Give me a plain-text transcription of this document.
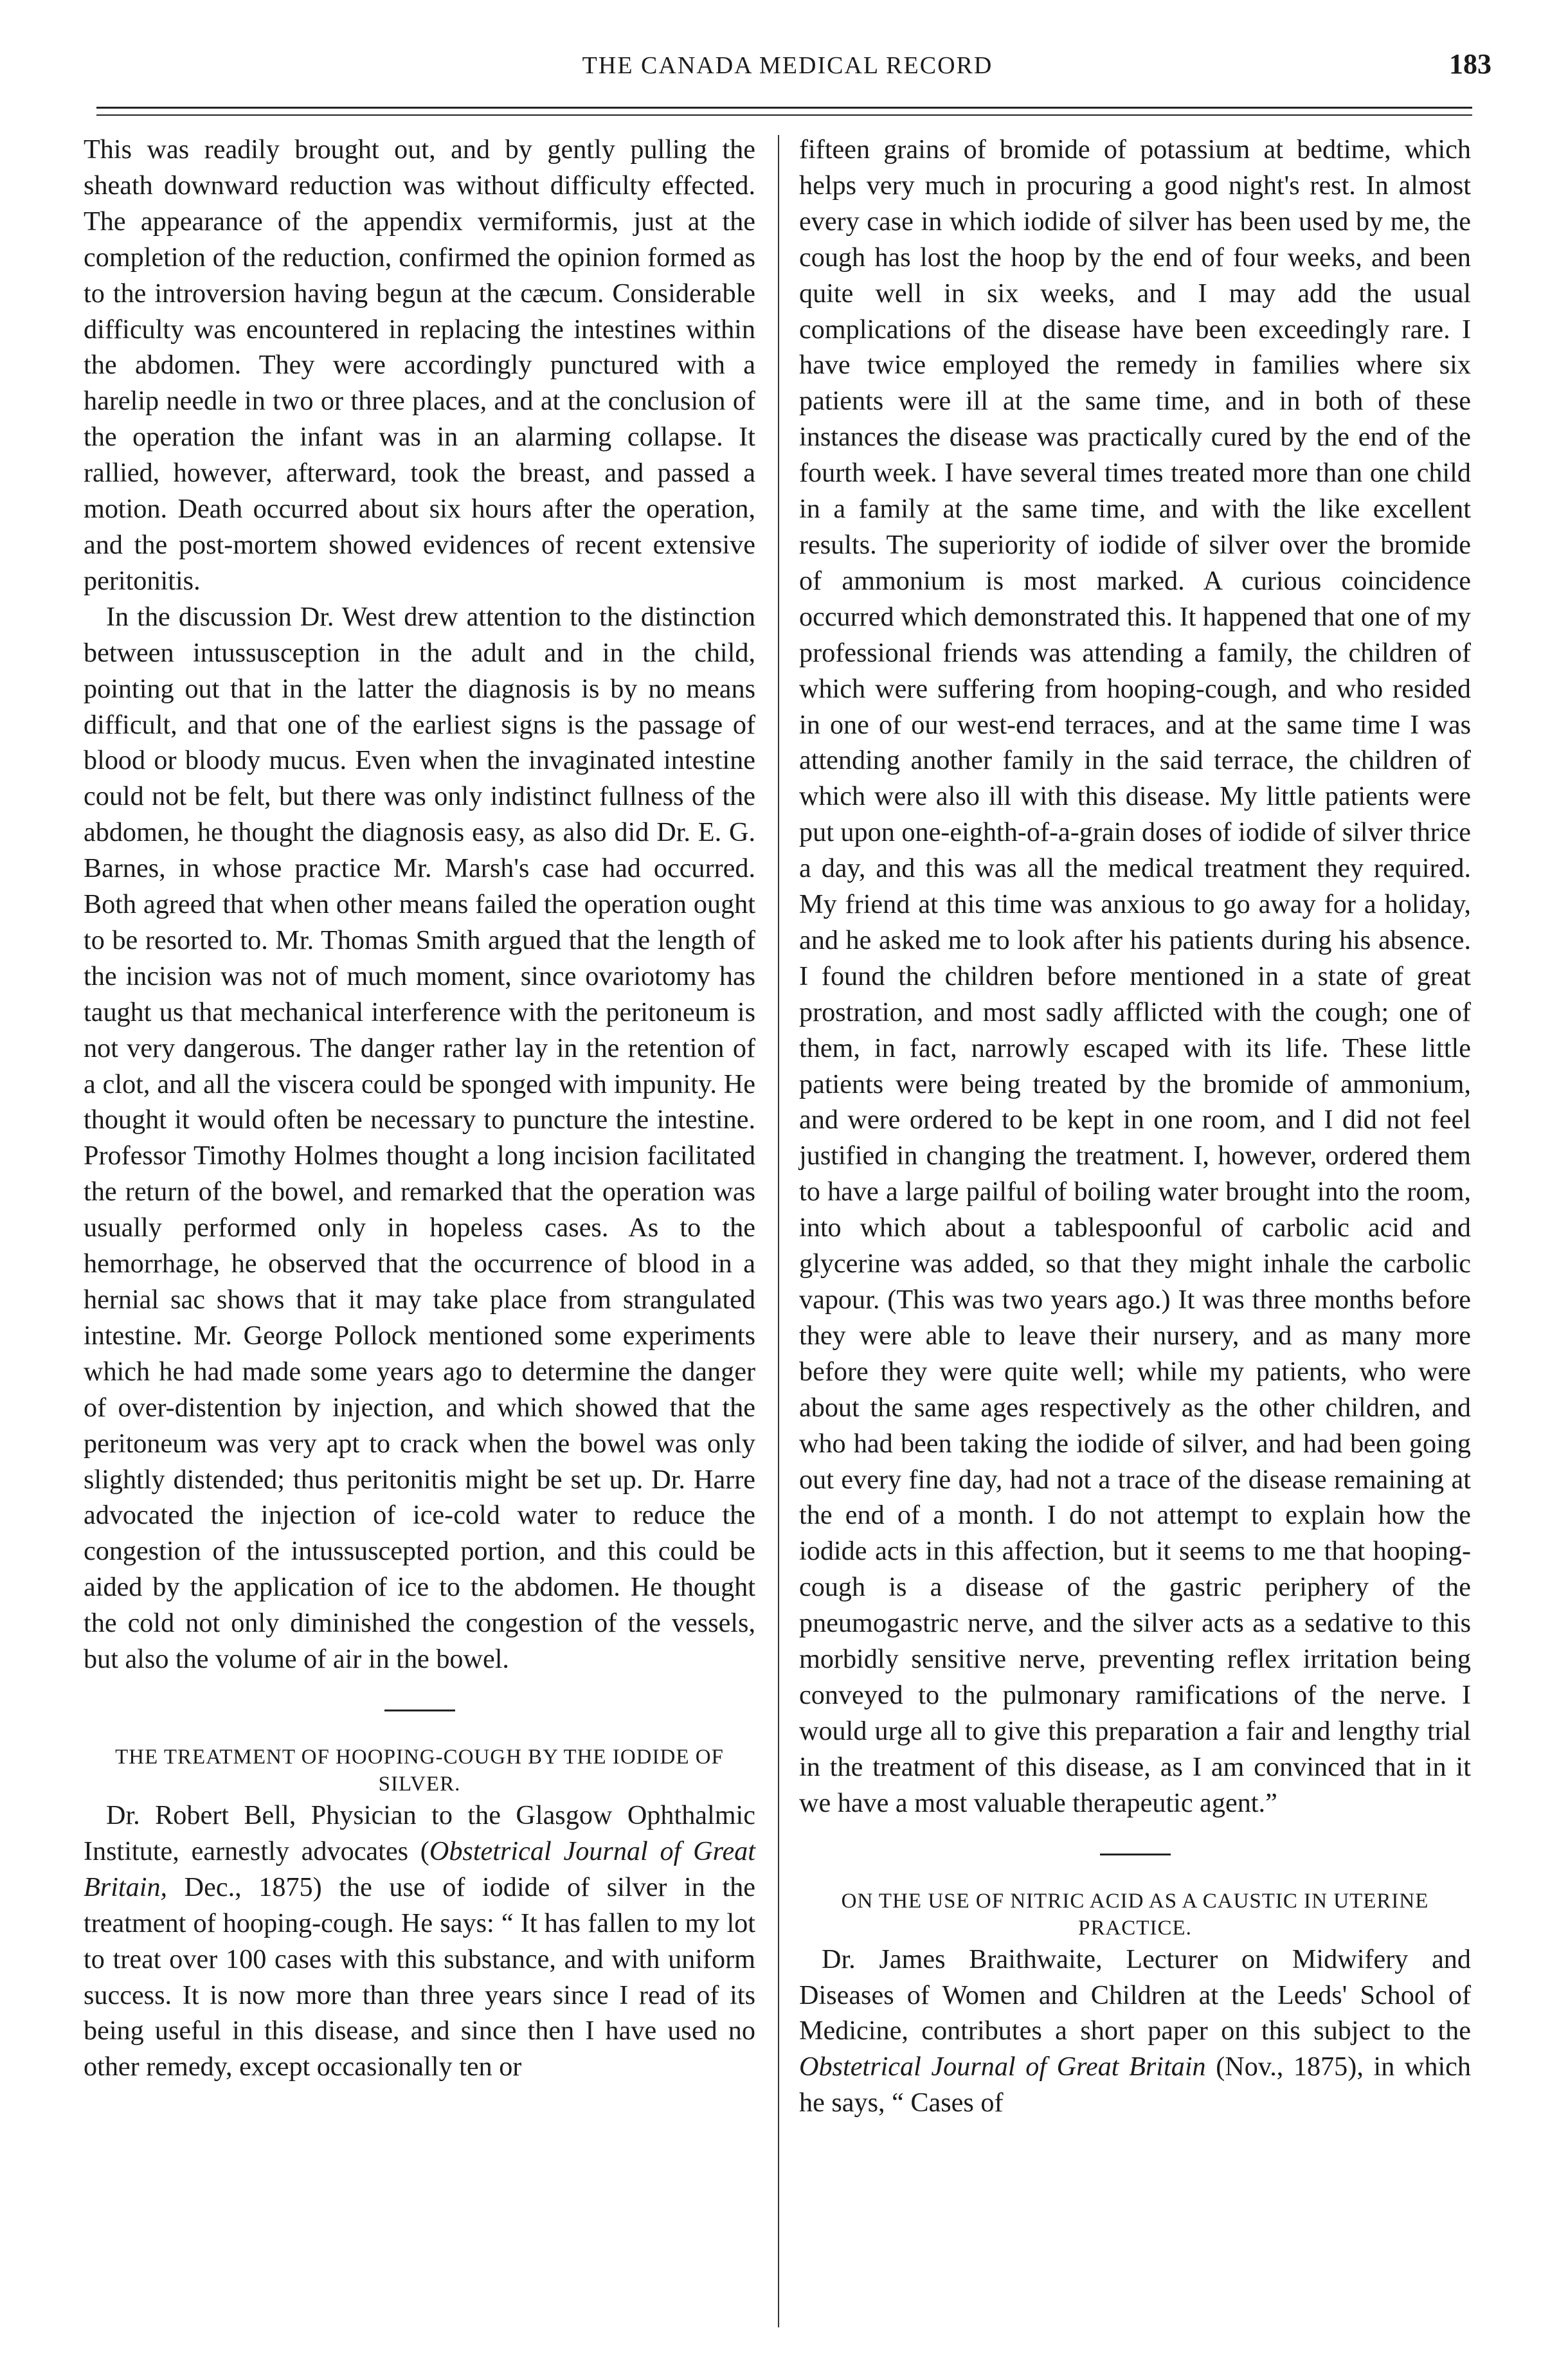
THE CANADA MEDICAL RECORD	183

This was readily brought out, and by gently pulling the sheath downward reduction was without difficulty effected. The appearance of the appendix vermiformis, just at the completion of the reduction, confirmed the opinion formed as to the introversion having begun at the cæcum. Considerable difficulty was encountered in replacing the intestines within the abdomen. They were accordingly punctured with a harelip needle in two or three places, and at the conclusion of the operation the infant was in an alarming collapse. It rallied, however, afterward, took the breast, and passed a motion. Death occurred about six hours after the operation, and the post-mortem showed evidences of recent extensive peritonitis.

In the discussion Dr. West drew attention to the distinction between intussusception in the adult and in the child, pointing out that in the latter the diagnosis is by no means difficult, and that one of the earliest signs is the passage of blood or bloody mucus. Even when the invaginated intestine could not be felt, but there was only indistinct fullness of the abdomen, he thought the diagnosis easy, as also did Dr. E. G. Barnes, in whose practice Mr. Marsh's case had occurred. Both agreed that when other means failed the operation ought to be resorted to. Mr. Thomas Smith argued that the length of the incision was not of much moment, since ovariotomy has taught us that mechanical interference with the peritoneum is not very dangerous. The danger rather lay in the retention of a clot, and all the viscera could be sponged with impunity. He thought it would often be necessary to puncture the intestine. Professor Timothy Holmes thought a long incision facilitated the return of the bowel, and remarked that the operation was usually performed only in hopeless cases. As to the hemorrhage, he observed that the occurrence of blood in a hernial sac shows that it may take place from strangulated intestine. Mr. George Pollock mentioned some experiments which he had made some years ago to determine the danger of over-distention by injection, and which showed that the peritoneum was very apt to crack when the bowel was only slightly distended; thus peritonitis might be set up. Dr. Harre advocated the injection of ice-cold water to reduce the congestion of the intussuscepted portion, and this could be aided by the application of ice to the abdomen. He thought the cold not only diminished the congestion of the vessels, but also the volume of air in the bowel.

THE TREATMENT OF HOOPING-COUGH BY THE IODIDE OF SILVER.

Dr. Robert Bell, Physician to the Glasgow Ophthalmic Institute, earnestly advocates (Obstetrical Journal of Great Britain, Dec., 1875) the use of iodide of silver in the treatment of hooping-cough. He says: “ It has fallen to my lot to treat over 100 cases with this substance, and with uniform success. It is now more than three years since I read of its being useful in this disease, and since then I have used no other remedy, except occasionally ten or

fifteen grains of bromide of potassium at bedtime, which helps very much in procuring a good night's rest. In almost every case in which iodide of silver has been used by me, the cough has lost the hoop by the end of four weeks, and been quite well in six weeks, and I may add the usual complications of the disease have been exceedingly rare. I have twice employed the remedy in families where six patients were ill at the same time, and in both of these instances the disease was practically cured by the end of the fourth week. I have several times treated more than one child in a family at the same time, and with the like excellent results. The superiority of iodide of silver over the bromide of ammonium is most marked. A curious coincidence occurred which demonstrated this. It happened that one of my professional friends was attending a family, the children of which were suffering from hooping-cough, and who resided in one of our west-end terraces, and at the same time I was attending another family in the said terrace, the children of which were also ill with this disease. My little patients were put upon one-eighth-of-a-grain doses of iodide of silver thrice a day, and this was all the medical treatment they required. My friend at this time was anxious to go away for a holiday, and he asked me to look after his patients during his absence. I found the children before mentioned in a state of great prostration, and most sadly afflicted with the cough; one of them, in fact, narrowly escaped with its life. These little patients were being treated by the bromide of ammonium, and were ordered to be kept in one room, and I did not feel justified in changing the treatment. I, however, ordered them to have a large pailful of boiling water brought into the room, into which about a tablespoonful of carbolic acid and glycerine was added, so that they might inhale the carbolic vapour. (This was two years ago.) It was three months before they were able to leave their nursery, and as many more before they were quite well; while my patients, who were about the same ages respectively as the other children, and who had been taking the iodide of silver, and had been going out every fine day, had not a trace of the disease remaining at the end of a month. I do not attempt to explain how the iodide acts in this affection, but it seems to me that hooping-cough is a disease of the gastric periphery of the pneumogastric nerve, and the silver acts as a sedative to this morbidly sensitive nerve, preventing reflex irritation being conveyed to the pulmonary ramifications of the nerve. I would urge all to give this preparation a fair and lengthy trial in the treatment of this disease, as I am convinced that in it we have a most valuable therapeutic agent.”

ON THE USE OF NITRIC ACID AS A CAUSTIC IN UTERINE PRACTICE.

Dr. James Braithwaite, Lecturer on Midwifery and Diseases of Women and Children at the Leeds' School of Medicine, contributes a short paper on this subject to the Obstetrical Journal of Great Britain (Nov., 1875), in which he says, “ Cases of
